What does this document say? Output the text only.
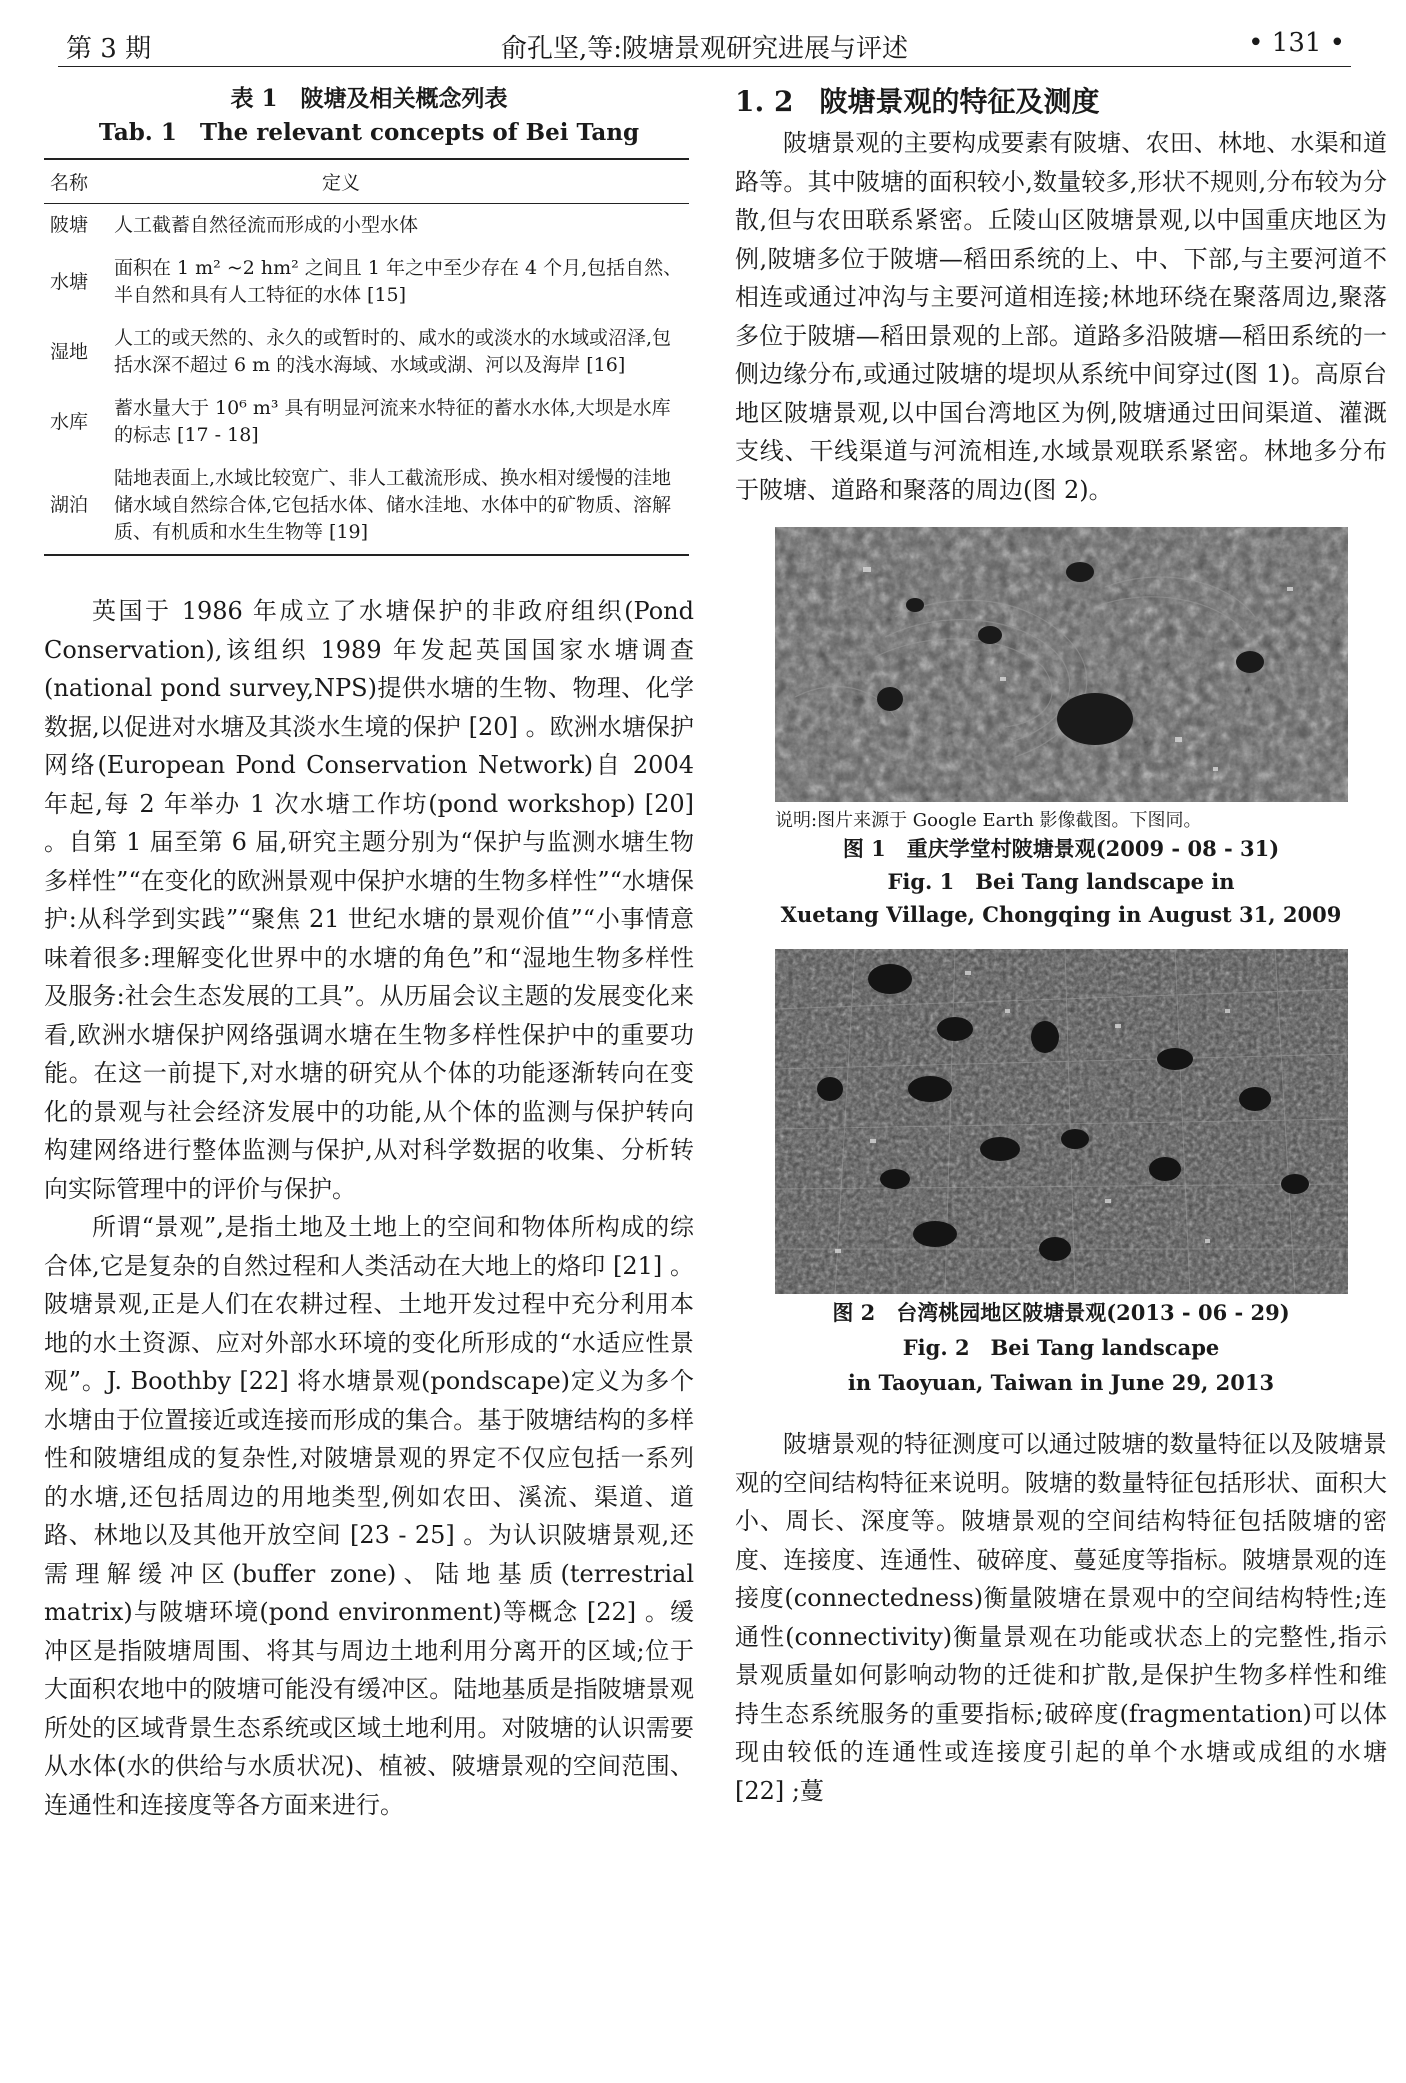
第 3 期	俞孔坚,等:陂塘景观研究进展与评述	• 131 •
表 1　陂塘及相关概念列表
Tab. 1　The relevant concepts of Bei Tang
名称	定义
陂塘	人工截蓄自然径流而形成的小型水体
水塘	面积在 1 m² ~2 hm² 之间且 1 年之中至少存在 4 个月,包括自然、半自然和具有人工特征的水体 [15]
湿地	人工的或天然的、永久的或暂时的、咸水的或淡水的水域或沼泽,包括水深不超过 6 m 的浅水海域、水域或湖、河以及海岸 [16]
水库	蓄水量大于 10⁶ m³ 具有明显河流来水特征的蓄水水体,大坝是水库的标志 [17 - 18]
湖泊	陆地表面上,水域比较宽广、非人工截流形成、换水相对缓慢的洼地储水域自然综合体,它包括水体、储水洼地、水体中的矿物质、溶解质、有机质和水生生物等 [19]

英国于 1986 年成立了水塘保护的非政府组织(Pond Conservation),该组织 1989 年发起英国国家水塘调查(national pond survey,NPS)提供水塘的生物、物理、化学数据,以促进对水塘及其淡水生境的保护 [20] 。欧洲水塘保护网络(European Pond Conservation Network)自 2004 年起,每 2 年举办 1 次水塘工作坊(pond workshop) [20] 。自第 1 届至第 6 届,研究主题分别为“保护与监测水塘生物多样性”“在变化的欧洲景观中保护水塘的生物多样性”“水塘保护:从科学到实践”“聚焦 21 世纪水塘的景观价值”“小事情意味着很多:理解变化世界中的水塘的角色”和“湿地生物多样性及服务:社会生态发展的工具”。从历届会议主题的发展变化来看,欧洲水塘保护网络强调水塘在生物多样性保护中的重要功能。在这一前提下,对水塘的研究从个体的功能逐渐转向在变化的景观与社会经济发展中的功能,从个体的监测与保护转向构建网络进行整体监测与保护,从对科学数据的收集、分析转向实际管理中的评价与保护。

所谓“景观”,是指土地及土地上的空间和物体所构成的综合体,它是复杂的自然过程和人类活动在大地上的烙印 [21] 。陂塘景观,正是人们在农耕过程、土地开发过程中充分利用本地的水土资源、应对外部水环境的变化所形成的“水适应性景观”。J. Boothby [22] 将水塘景观(pondscape)定义为多个水塘由于位置接近或连接而形成的集合。基于陂塘结构的多样性和陂塘组成的复杂性,对陂塘景观的界定不仅应包括一系列的水塘,还包括周边的用地类型,例如农田、溪流、渠道、道路、林地以及其他开放空间 [23 - 25] 。为认识陂塘景观,还需理解缓冲区(buffer zone)、陆地基质(terrestrial matrix)与陂塘环境(pond environment)等概念 [22] 。缓冲区是指陂塘周围、将其与周边土地利用分离开的区域;位于大面积农地中的陂塘可能没有缓冲区。陆地基质是指陂塘景观所处的区域背景生态系统或区域土地利用。对陂塘的认识需要从水体(水的供给与水质状况)、植被、陂塘景观的空间范围、连通性和连接度等各方面来进行。

1. 2 陂塘景观的特征及测度

陂塘景观的主要构成要素有陂塘、农田、林地、水渠和道路等。其中陂塘的面积较小,数量较多,形状不规则,分布较为分散,但与农田联系紧密。丘陵山区陂塘景观,以中国重庆地区为例,陂塘多位于陂塘—稻田系统的上、中、下部,与主要河道不相连或通过冲沟与主要河道相连接;林地环绕在聚落周边,聚落多位于陂塘—稻田景观的上部。道路多沿陂塘—稻田系统的一侧边缘分布,或通过陂塘的堤坝从系统中间穿过(图 1)。高原台地区陂塘景观,以中国台湾地区为例,陂塘通过田间渠道、灌溉支线、干线渠道与河流相连,水域景观联系紧密。林地多分布于陂塘、道路和聚落的周边(图 2)。

说明:图片来源于 Google Earth 影像截图。下图同。
图 1　重庆学堂村陂塘景观(2009 - 08 - 31)
Fig. 1　Bei Tang landscape in
Xuetang Village, Chongqing in August 31, 2009
图 2　台湾桃园地区陂塘景观(2013 - 06 - 29)
Fig. 2　Bei Tang landscape
in Taoyuan, Taiwan in June 29, 2013

陂塘景观的特征测度可以通过陂塘的数量特征以及陂塘景观的空间结构特征来说明。陂塘的数量特征包括形状、面积大小、周长、深度等。陂塘景观的空间结构特征包括陂塘的密度、连接度、连通性、破碎度、蔓延度等指标。陂塘景观的连接度(connectedness)衡量陂塘在景观中的空间结构特性;连通性(connectivity)衡量景观在功能或状态上的完整性,指示景观质量如何影响动物的迁徙和扩散,是保护生物多样性和维持生态系统服务的重要指标;破碎度(fragmentation)可以体现由较低的连通性或连接度引起的单个水塘或成组的水塘 [22] ;蔓
